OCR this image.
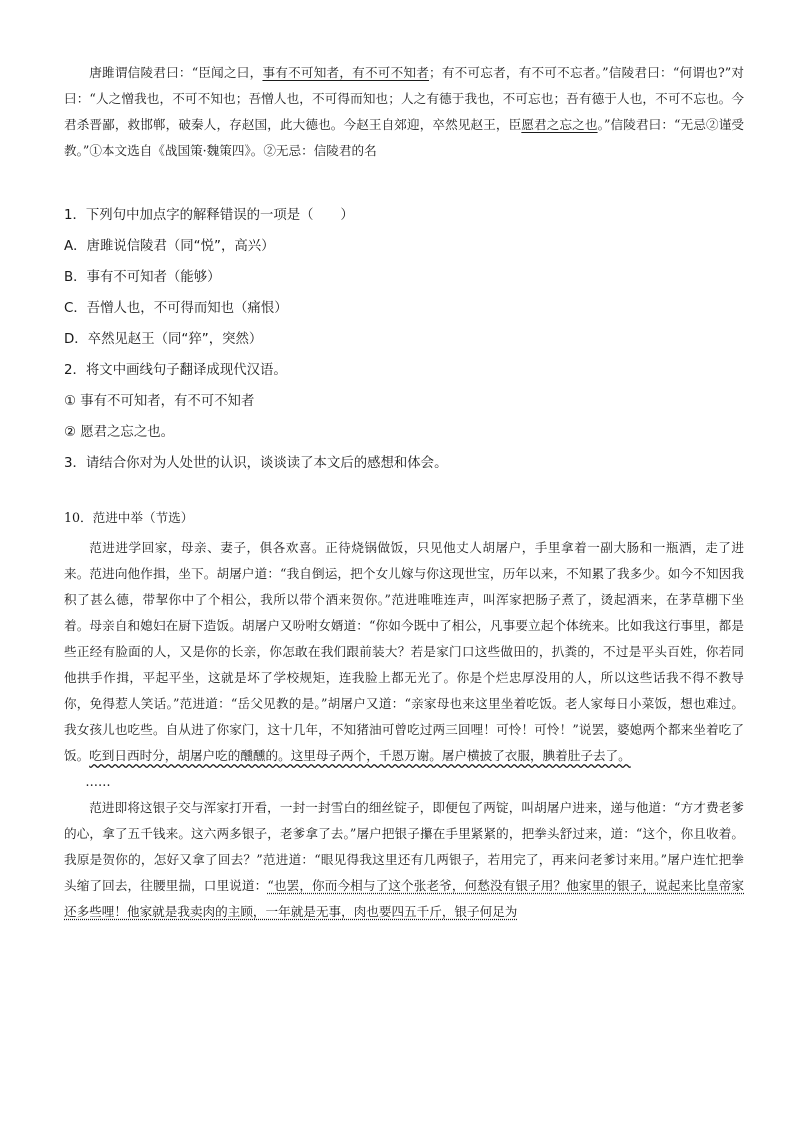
唐雎谓信陵君曰：“臣闻之曰，事有不可知者，有不可不知者；有不可忘者，有不可不忘者。”信陵君曰：“何谓也?”对曰：“人之憎我也，不可不知也；吾憎人也，不可得而知也；人之有德于我也，不可忘也；吾有德于人也，不可不忘也。今君杀晋鄙，救邯郸，破秦人，存赵国，此大德也。今赵王自郊迎，卒然见赵王，臣愿君之忘之也。”信陵君曰：“无忌②谨受教。”①本文选自《战国策·魏策四》。②无忌：信陵君的名

1．下列句中加点字的解释错误的一项是（　　）

A．唐雎说信陵君（同“悦”，高兴）

B．事有不可知者（能够）

C．吾憎人也，不可得而知也（痛恨）

D．卒然见赵王（同“猝”，突然）

2．将文中画线句子翻译成现代汉语。

① 事有不可知者，有不可不知者

② 愿君之忘之也。

3．请结合你对为人处世的认识，谈谈读了本文后的感想和体会。

10．范进中举（节选）

范进进学回家，母亲、妻子，俱各欢喜。正待烧锅做饭，只见他丈人胡屠户，手里拿着一副大肠和一瓶酒，走了进来。范进向他作揖，坐下。胡屠户道：“我自倒运，把个女儿嫁与你这现世宝，历年以来，不知累了我多少。如今不知因我积了甚么德，带挈你中了个相公，我所以带个酒来贺你。”范进唯唯连声，叫浑家把肠子煮了，烫起酒来，在茅草棚下坐着。母亲自和媳妇在厨下造饭。胡屠户又吩咐女婿道：“你如今既中了相公，凡事要立起个体统来。比如我这行事里，都是些正经有脸面的人，又是你的长亲，你怎敢在我们跟前装大？若是家门口这些做田的，扒粪的，不过是平头百姓，你若同他拱手作揖，平起平坐，这就是坏了学校规矩，连我脸上都无光了。你是个烂忠厚没用的人，所以这些话我不得不教导你，免得惹人笑话。”范进道：“岳父见教的是。”胡屠户又道：“亲家母也来这里坐着吃饭。老人家每日小菜饭，想也难过。我女孩儿也吃些。自从进了你家门，这十几年，不知猪油可曾吃过两三回哩！可怜！可怜！”说罢，婆媳两个都来坐着吃了饭。吃到日西时分，胡屠户吃的醺醺的。这里母子两个，千恩万谢。屠户横披了衣服，腆着肚子去了。

……

范进即将这银子交与浑家打开看，一封一封雪白的细丝锭子，即便包了两锭，叫胡屠户进来，递与他道：“方才费老爹的心，拿了五千钱来。这六两多银子，老爹拿了去。”屠户把银子攥在手里紧紧的，把拳头舒过来，道：“这个，你且收着。我原是贺你的，怎好又拿了回去？”范进道：“眼见得我这里还有几两银子，若用完了，再来问老爹讨来用。”屠户连忙把拳头缩了回去，往腰里揣，口里说道：“也罢，你而今相与了这个张老爷，何愁没有银子用？他家里的银子，说起来比皇帝家还多些哩！他家就是我卖肉的主顾，一年就是无事，肉也要四五千斤，银子何足为
